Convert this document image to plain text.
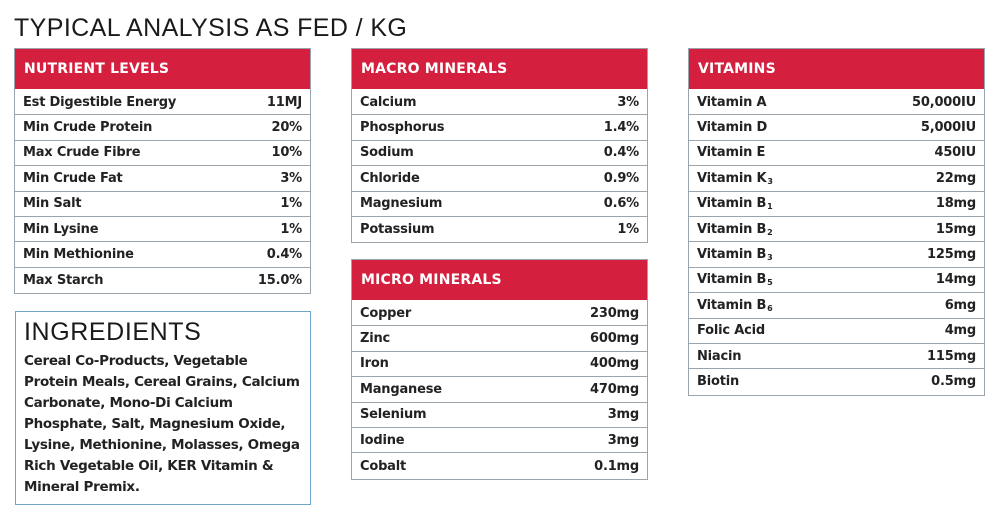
TYPICAL ANALYSIS AS FED / KG
NUTRIENT LEVELS
Est Digestible Energy	11MJ
Min Crude Protein	20%
Max Crude Fibre	10%
Min Crude Fat	3%
Min Salt	1%
Min Lysine	1%
Min Methionine	0.4%
Max Starch	15.0%
MACRO MINERALS
Calcium	3%
Phosphorus	1.4%
Sodium	0.4%
Chloride	0.9%
Magnesium	0.6%
Potassium	1%
MICRO MINERALS
Copper	230mg
Zinc	600mg
Iron	400mg
Manganese	470mg
Selenium	3mg
Iodine	3mg
Cobalt	0.1mg
VITAMINS
Vitamin A	50,000IU
Vitamin D	5,000IU
Vitamin E	450IU
Vitamin $K_3$	22mg
Vitamin $B_1$	18mg
Vitamin $B_2$	15mg
Vitamin $B_3$	125mg
Vitamin $B_5$	14mg
Vitamin $B_6$	6mg
Folic Acid	4mg
Niacin	115mg
Biotin	0.5mg
INGREDIENTS
Cereal Co-Products, Vegetable Protein Meals, Cereal Grains, Calcium Carbonate, Mono-Di Calcium Phosphate, Salt, Magnesium Oxide, Lysine, Methionine, Molasses, Omega Rich Vegetable Oil, KER Vitamin & Mineral Premix.
